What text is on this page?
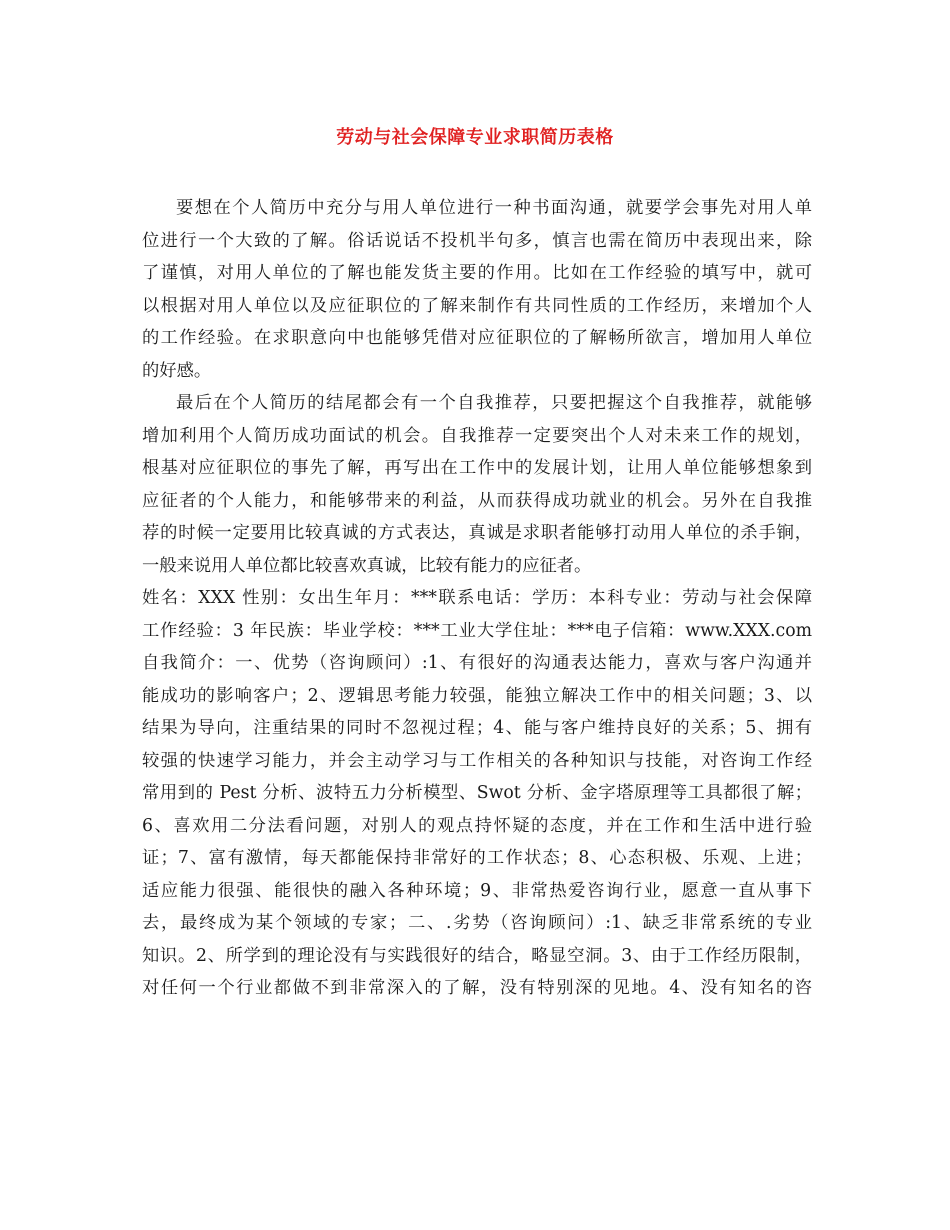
劳动与社会保障专业求职简历表格
要想在个人简历中充分与用人单位进行一种书面沟通，就要学会事先对用人单
位进行一个大致的了解。俗话说话不投机半句多，慎言也需在简历中表现出来，除
了谨慎，对用人单位的了解也能发货主要的作用。比如在工作经验的填写中，就可
以根据对用人单位以及应征职位的了解来制作有共同性质的工作经历，来增加个人
的工作经验。在求职意向中也能够凭借对应征职位的了解畅所欲言，增加用人单位
的好感。
最后在个人简历的结尾都会有一个自我推荐，只要把握这个自我推荐，就能够
增加利用个人简历成功面试的机会。自我推荐一定要突出个人对未来工作的规划，
根基对应征职位的事先了解，再写出在工作中的发展计划，让用人单位能够想象到
应征者的个人能力，和能够带来的利益，从而获得成功就业的机会。另外在自我推
荐的时候一定要用比较真诚的方式表达，真诚是求职者能够打动用人单位的杀手锏，
一般来说用人单位都比较喜欢真诚，比较有能力的应征者。
姓名：XXX 性别：女出生年月：***联系电话：学历：本科专业：劳动与社会保障
工作经验：3 年民族：毕业学校：***工业大学住址：***电子信箱：www.XXX.com
自我简介：一、优势（咨询顾问）:1、有很好的沟通表达能力，喜欢与客户沟通并
能成功的影响客户；2、逻辑思考能力较强，能独立解决工作中的相关问题；3、以
结果为导向，注重结果的同时不忽视过程；4、能与客户维持良好的关系；5、拥有
较强的快速学习能力，并会主动学习与工作相关的各种知识与技能，对咨询工作经
常用到的 Pest 分析、波特五力分析模型、Swot 分析、金字塔原理等工具都很了解；
6、喜欢用二分法看问题，对别人的观点持怀疑的态度，并在工作和生活中进行验
证；7、富有激情，每天都能保持非常好的工作状态；8、心态积极、乐观、上进；
适应能力很强、能很快的融入各种环境；9、非常热爱咨询行业，愿意一直从事下
去，最终成为某个领域的专家；二、.劣势（咨询顾问）:1、缺乏非常系统的专业
知识。2、所学到的理论没有与实践很好的结合，略显空洞。3、由于工作经历限制，
对任何一个行业都做不到非常深入的了解，没有特别深的见地。4、没有知名的咨
